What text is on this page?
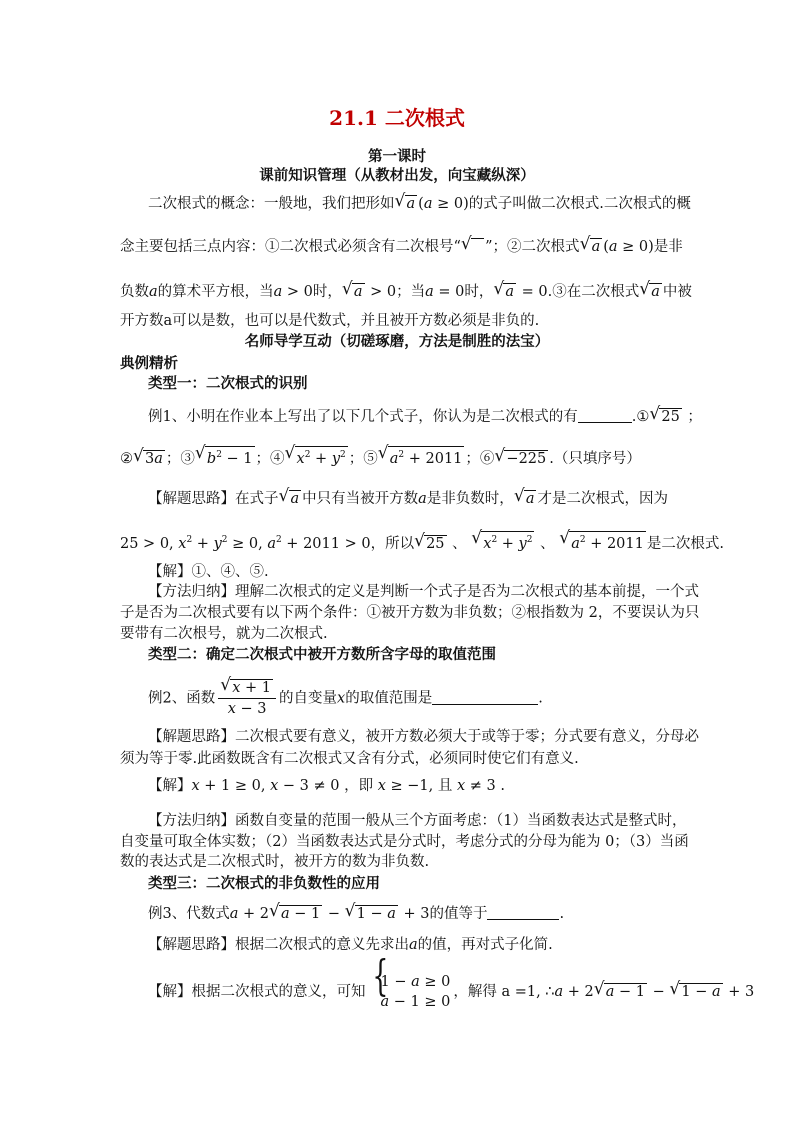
21.1 二次根式
第一课时
课前知识管理（从教材出发，向宝藏纵深）
二次根式的概念：一般地，我们把形如 √ a (a ≥ 0)的式子叫做二次根式.二次根式的概
念主要包括三点内容：①二次根式必须含有二次根号“ √ ”；②二次根式 √ a (a ≥ 0)是非
负数a的算术平方根，当a > 0时， √ a > 0；当a = 0时， √ a = 0.③在二次根式 √ a 中被
开方数a可以是数，也可以是代数式，并且被开方数必须是非负的.
名师导学互动（切磋琢磨，方法是制胜的法宝）
典例精析
类型一：二次根式的识别
例1、小明在作业本上写出了以下几个式子，你认为是二次根式的有	.① √ 25 ；
② √ 3a ；③ √ $b^2 - 1$ ；④ √ $x^2 + y^2$ ；⑤ √ $a^2 + 2011$ ；⑥ √ −225 .（只填序号）
【解题思路】在式子 √ a 中只有当被开方数a是非负数时， √ a 才是二次根式，因为
25 > 0, $x^2 + y^2 \ge 0$, $a^2 + 2011 > 0$，所以 √ 25 、 √ $x^2 + y^2$ 、 √ $a^2 + 2011$ 是二次根式.
【解】①、④、⑤.
【方法归纳】理解二次根式的定义是判断一个式子是否为二次根式的基本前提，一个式
子是否为二次根式要有以下两个条件：①被开方数为非负数；②根指数为 2，不要误认为只
要带有二次根号，就为二次根式.
类型二：确定二次根式中被开方数所含字母的取值范围
例2、函数 √ $\frac{x + 1}{x - 3}$ 的自变量x的取值范围是	.
【解题思路】二次根式要有意义，被开方数必须大于或等于零；分式要有意义，分母必
须为等于零.此函数既含有二次根式又含有分式，必须同时使它们有意义.
【解】x + 1 ≥ 0, x − 3 ≠ 0 ，即 x ≥ −1, 且 x ≠ 3 .
【方法归纳】函数自变量的范围一般从三个方面考虑：（1）当函数表达式是整式时，
自变量可取全体实数；（2）当函数表达式是分式时，考虑分式的分母为能为 0；（3）当函
数的表达式是二次根式时，被开方的数为非负数.
类型三：二次根式的非负数性的应用
例3、代数式a + 2 √ a − 1 − √ 1 − a + 3的值等于	.
【解题思路】根据二次根式的意义先求出a的值，再对式子化简.
【解】根据二次根式的意义，可知
{ 1 − a ≥ 0
a − 1 ≥ 0
，解得 a =1, ∴a + 2 √ a − 1 − √ 1 − a + 3
